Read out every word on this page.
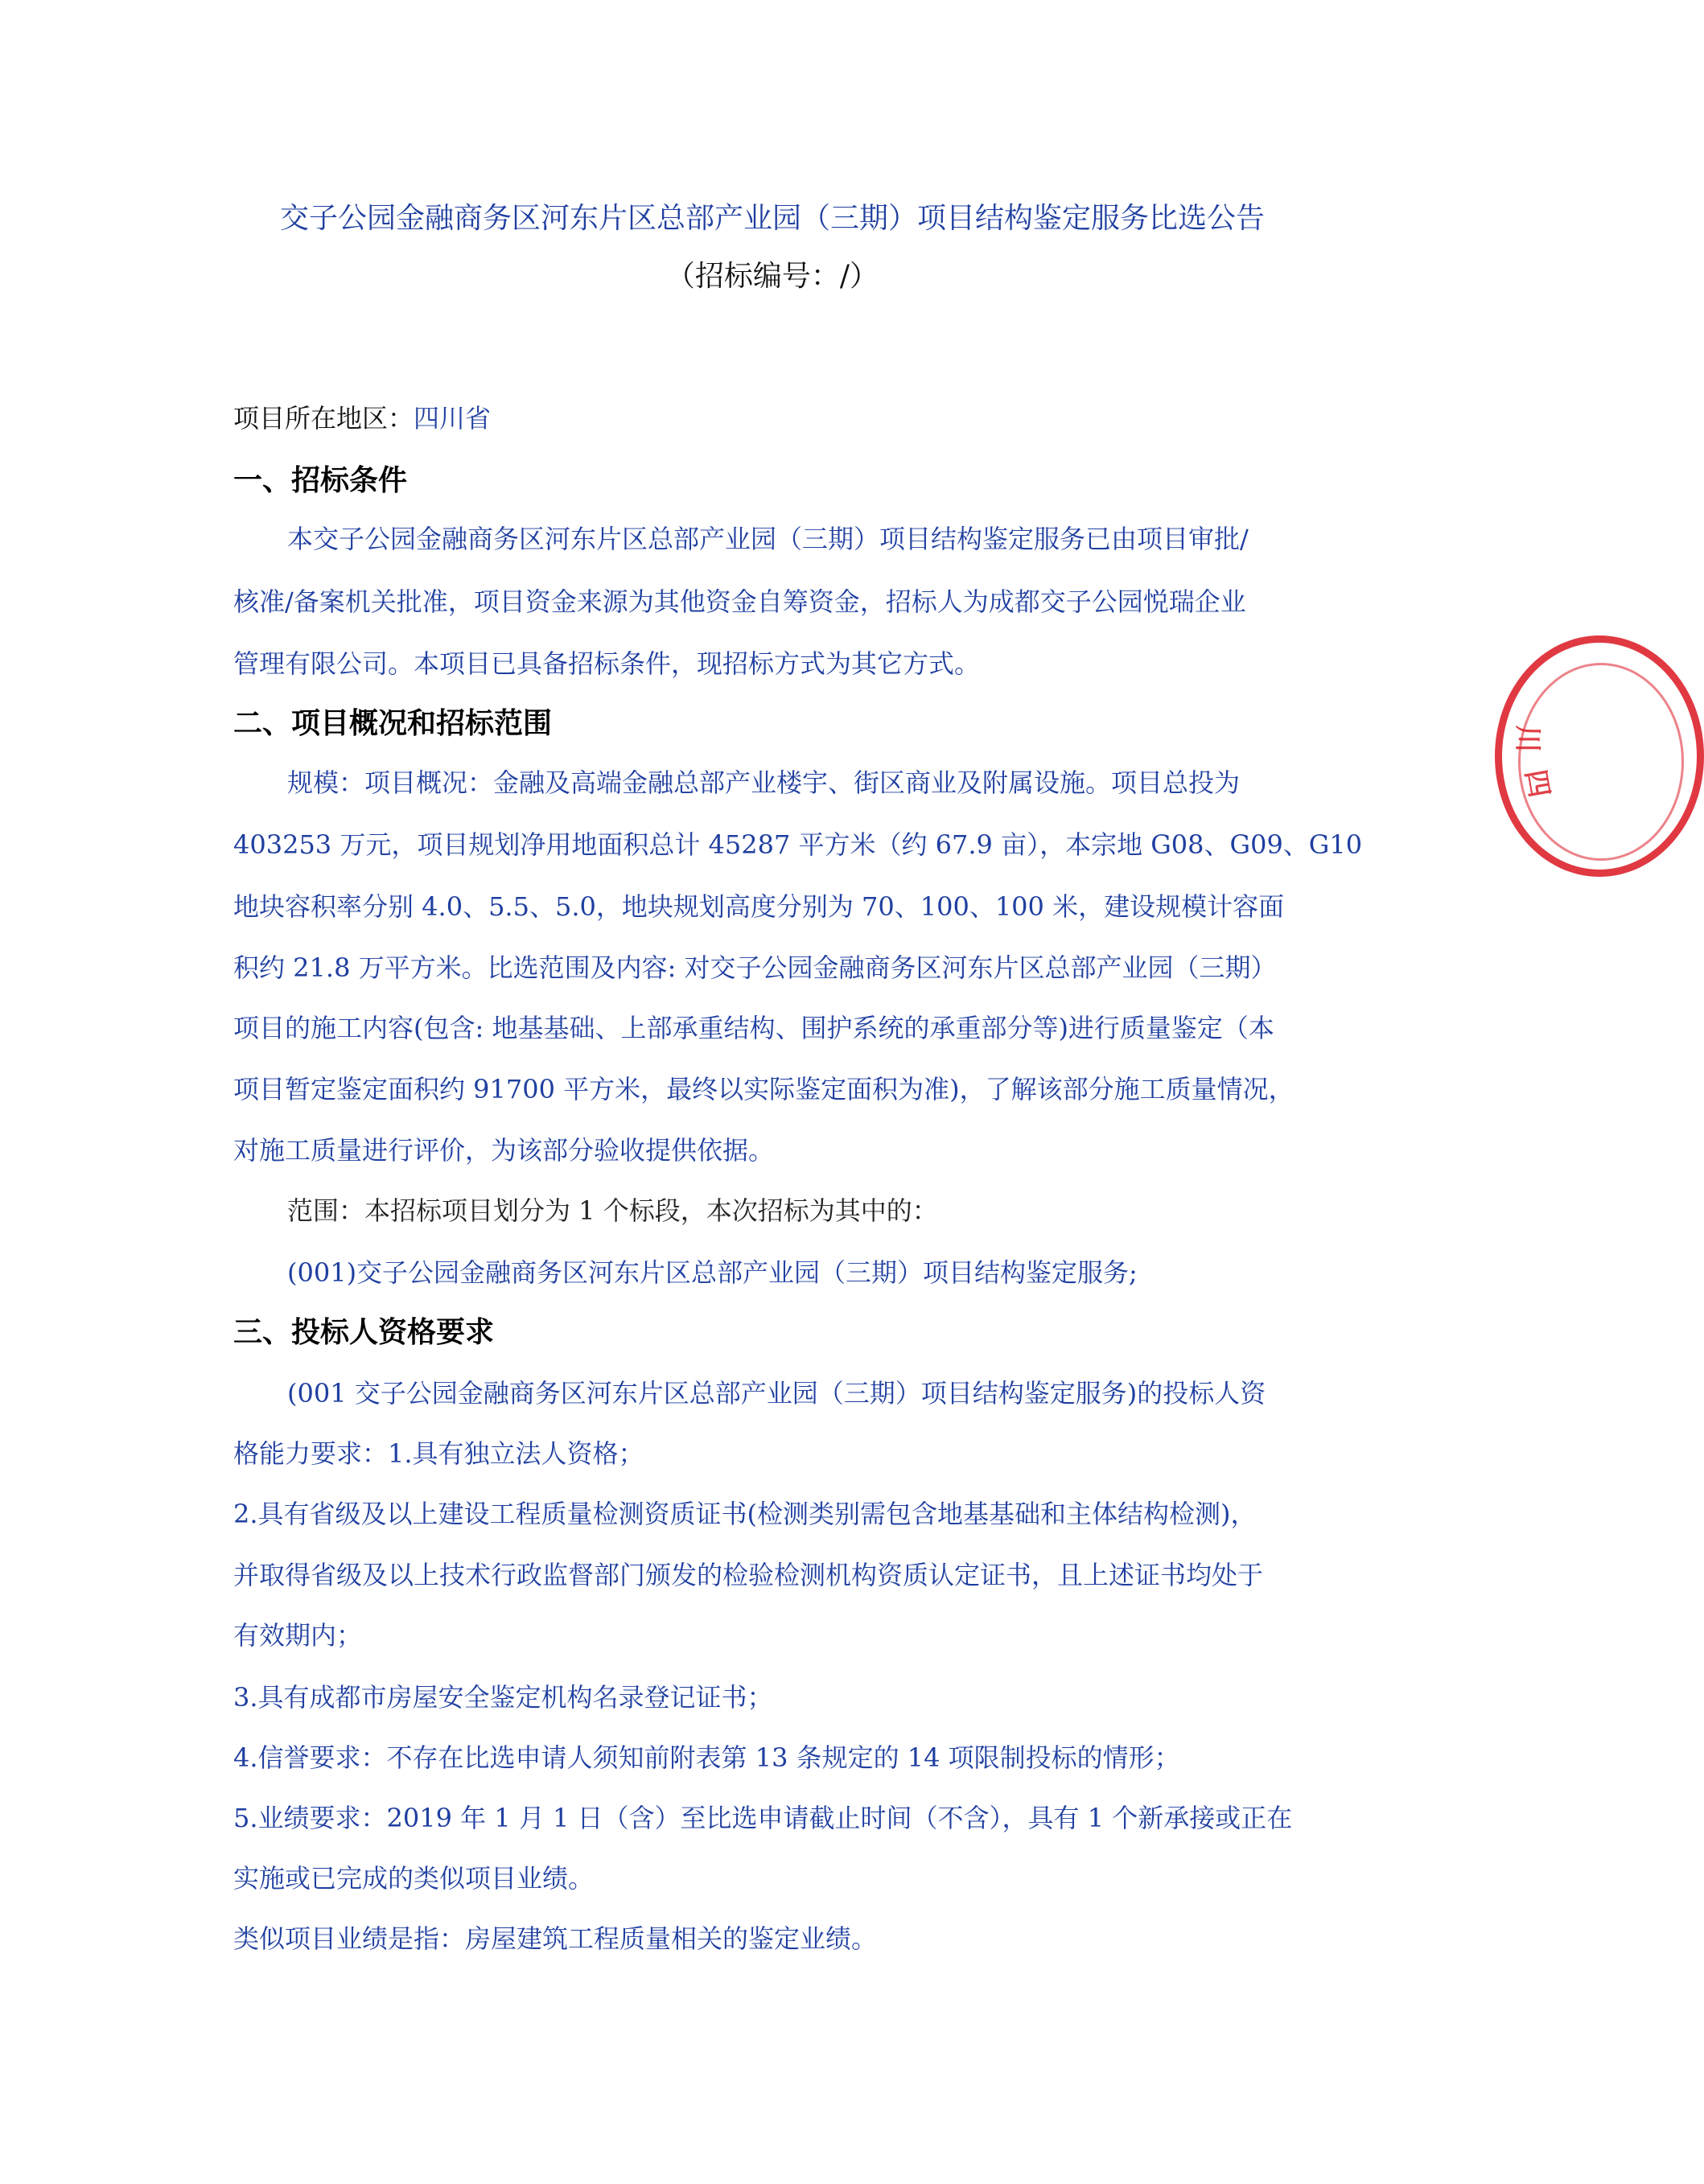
交子公园金融商务区河东片区总部产业园（三期）项目结构鉴定服务比选公告
（招标编号：/）
项目所在地区：四川省
一、招标条件
本交子公园金融商务区河东片区总部产业园（三期）项目结构鉴定服务已由项目审批/
核准/备案机关批准，项目资金来源为其他资金自筹资金，招标人为成都交子公园悦瑞企业
管理有限公司。本项目已具备招标条件，现招标方式为其它方式。
二、项目概况和招标范围
规模：项目概况：金融及高端金融总部产业楼宇、街区商业及附属设施。项目总投为
403253 万元，项目规划净用地面积总计 45287 平方米（约 67.9 亩），本宗地 G08、G09、G10
地块容积率分别 4.0、5.5、5.0，地块规划高度分别为 70、100、100 米，建设规模计容面
积约 21.8 万平方米。比选范围及内容: 对交子公园金融商务区河东片区总部产业园（三期）
项目的施工内容(包含: 地基基础、上部承重结构、围护系统的承重部分等)进行质量鉴定（本
项目暂定鉴定面积约 91700 平方米，最终以实际鉴定面积为准)，了解该部分施工质量情况，
对施工质量进行评价，为该部分验收提供依据。
范围：本招标项目划分为 1 个标段，本次招标为其中的：
(001)交子公园金融商务区河东片区总部产业园（三期）项目结构鉴定服务;
三、投标人资格要求
(001 交子公园金融商务区河东片区总部产业园（三期）项目结构鉴定服务)的投标人资
格能力要求：1.具有独立法人资格；
2.具有省级及以上建设工程质量检测资质证书(检测类别需包含地基基础和主体结构检测)，
并取得省级及以上技术行政监督部门颁发的检验检测机构资质认定证书，且上述证书均处于
有效期内；
3.具有成都市房屋安全鉴定机构名录登记证书；
4.信誉要求：不存在比选申请人须知前附表第 13 条规定的 14 项限制投标的情形；
5.业绩要求：2019 年 1 月 1 日（含）至比选申请截止时间（不含），具有 1 个新承接或正在
实施或已完成的类似项目业绩。
类似项目业绩是指：房屋建筑工程质量相关的鉴定业绩。
川
四
